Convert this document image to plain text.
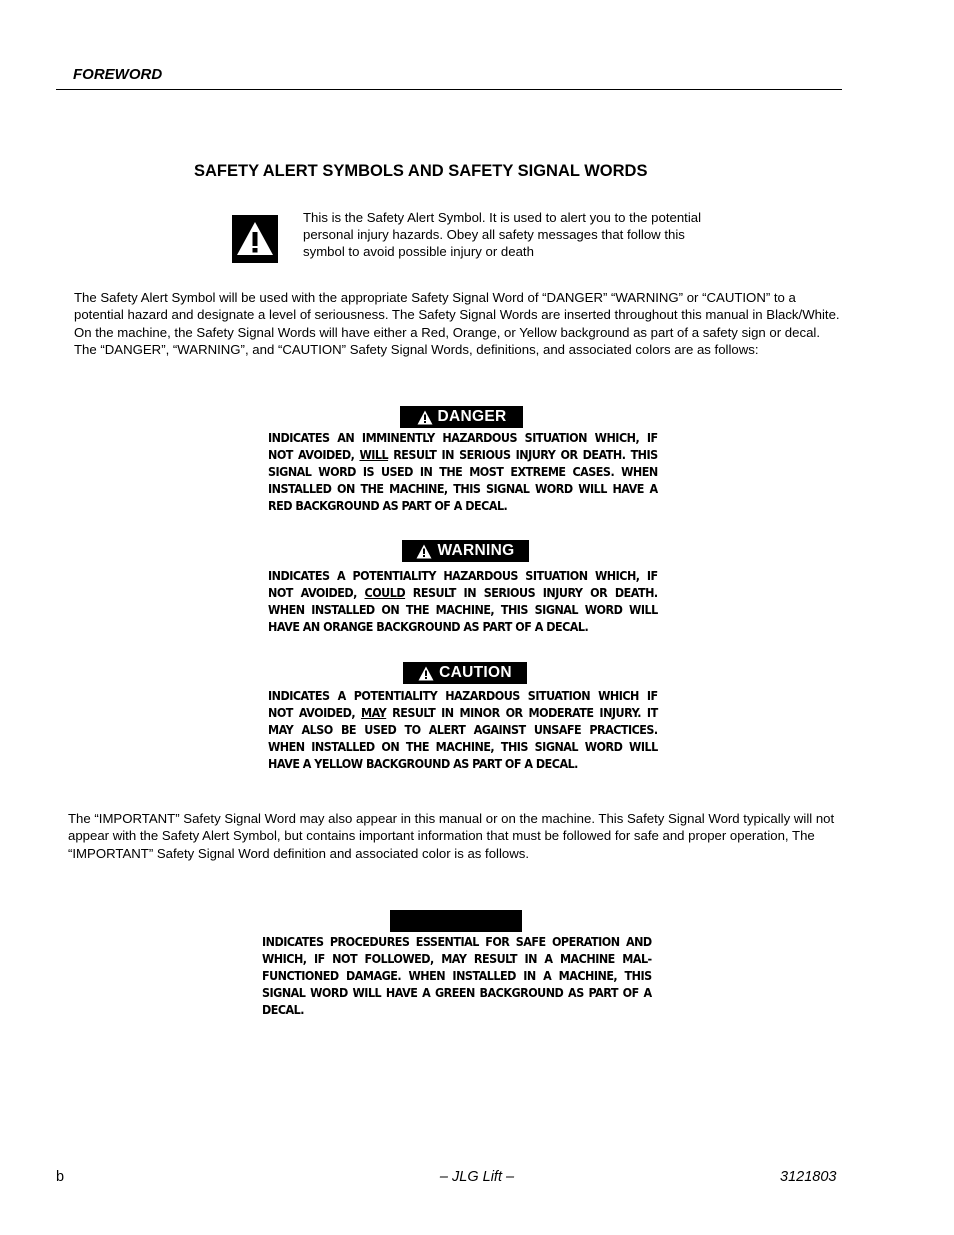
FOREWORD
SAFETY ALERT SYMBOLS AND SAFETY SIGNAL WORDS
This is the Safety Alert Symbol. It is used to alert you to the potential personal injury hazards. Obey all safety messages that follow this symbol to avoid possible injury or death
The Safety Alert Symbol will be used with the appropriate Safety Signal Word of “DANGER” “WARNING” or “CAUTION” to a potential hazard and designate a level of seriousness. The Safety Signal Words are inserted throughout this manual in Black/White. On the machine, the Safety Signal Words will have either a Red, Orange, or Yellow background as part of a safety sign or decal. The “DANGER”, “WARNING”, and “CAUTION” Safety Signal Words, definitions, and associated colors are as follows:
DANGER
INDICATES AN IMMINENTLY HAZARDOUS SITUATION WHICH, IF NOT AVOIDED, WILL RESULT IN SERIOUS INJURY OR DEATH. THIS SIGNAL WORD IS USED IN THE MOST EXTREME CASES. WHEN INSTALLED ON THE MACHINE, THIS SIGNAL WORD WILL HAVE A RED BACKGROUND AS PART OF A DECAL.
WARNING
INDICATES A POTENTIALITY HAZARDOUS SITUATION WHICH, IF NOT AVOIDED, COULD RESULT IN SERIOUS INJURY OR DEATH. WHEN INSTALLED ON THE MACHINE, THIS SIGNAL WORD WILL HAVE AN ORANGE BACKGROUND AS PART OF A DECAL.
CAUTION
INDICATES A POTENTIALITY HAZARDOUS SITUATION WHICH IF NOT AVOIDED, MAY RESULT IN MINOR OR MODERATE INJURY. IT MAY ALSO BE USED TO ALERT AGAINST UNSAFE PRACTICES. WHEN INSTALLED ON THE MACHINE, THIS SIGNAL WORD WILL HAVE A YELLOW BACKGROUND AS PART OF A DECAL.
The “IMPORTANT” Safety Signal Word may also appear in this manual or on the machine. This Safety Signal Word typically will not appear with the Safety Alert Symbol, but contains important information that must be followed for safe and proper operation, The “IMPORTANT” Safety Signal Word definition and associated color is as follows.
INDICATES PROCEDURES ESSENTIAL FOR SAFE OPERATION AND WHICH, IF NOT FOLLOWED, MAY RESULT IN A MACHINE MAL-FUNCTIONED DAMAGE. WHEN INSTALLED IN A MACHINE, THIS SIGNAL WORD WILL HAVE A GREEN BACKGROUND AS PART OF A DECAL.
b	– JLG Lift –	3121803
